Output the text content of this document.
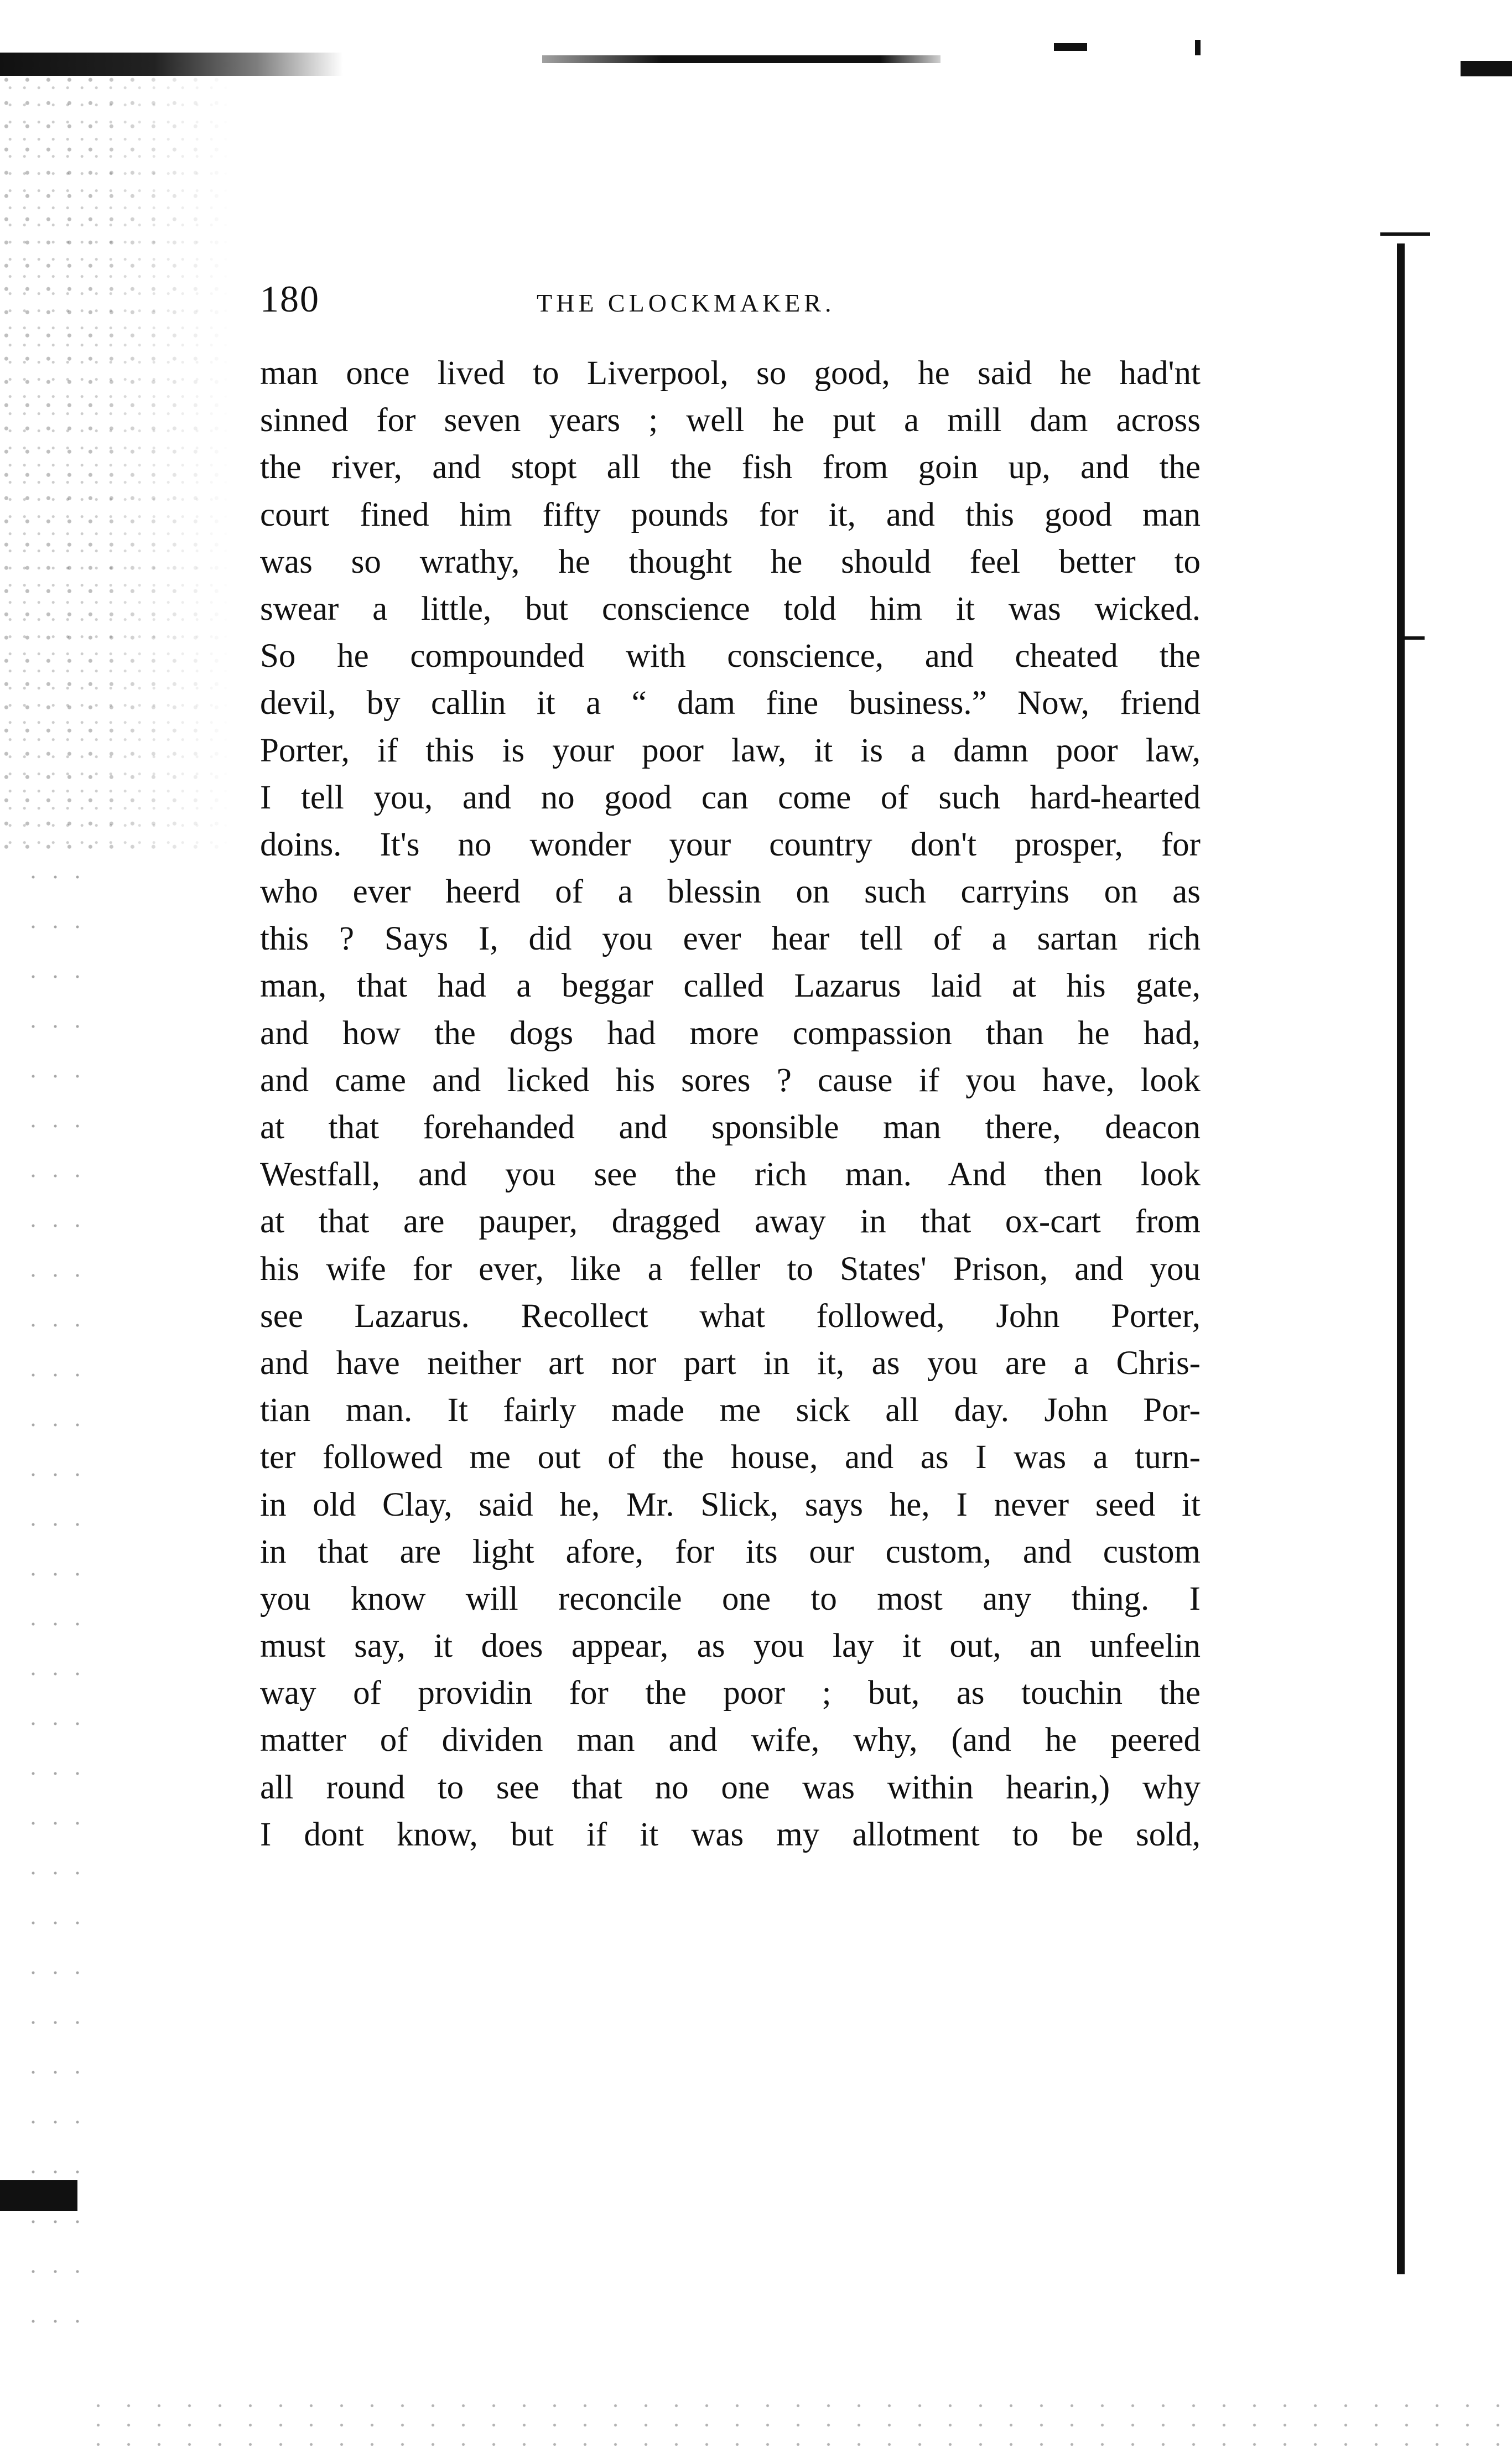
180	THE CLOCKMAKER.
man once lived to Liverpool, so good, he said he had'nt
sinned for seven years ; well he put a mill dam across
the river, and stopt all the fish from goin up, and the
court fined him fifty pounds for it, and this good man
was so wrathy, he thought he should feel better to
swear a little, but conscience told him it was wicked.
So he compounded with conscience, and cheated the
devil, by callin it a “ dam fine business.” Now, friend
Porter, if this is your poor law, it is a damn poor law,
I tell you, and no good can come of such hard-hearted
doins. It's no wonder your country don't prosper, for
who ever heerd of a blessin on such carryins on as
this ? Says I, did you ever hear tell of a sartan rich
man, that had a beggar called Lazarus laid at his gate,
and how the dogs had more compassion than he had,
and came and licked his sores ? cause if you have, look
at that forehanded and sponsible man there, deacon
Westfall, and you see the rich man. And then look
at that are pauper, dragged away in that ox-cart from
his wife for ever, like a feller to States' Prison, and you
see Lazarus. Recollect what followed, John Porter,
and have neither art nor part in it, as you are a Chris-
tian man. It fairly made me sick all day. John Por-
ter followed me out of the house, and as I was a turn-
in old Clay, said he, Mr. Slick, says he, I never seed it
in that are light afore, for its our custom, and custom
you know will reconcile one to most any thing. I
must say, it does appear, as you lay it out, an unfeelin
way of providin for the poor ; but, as touchin the
matter of dividen man and wife, why, (and he peered
all round to see that no one was within hearin,) why
I dont know, but if it was my allotment to be sold,
